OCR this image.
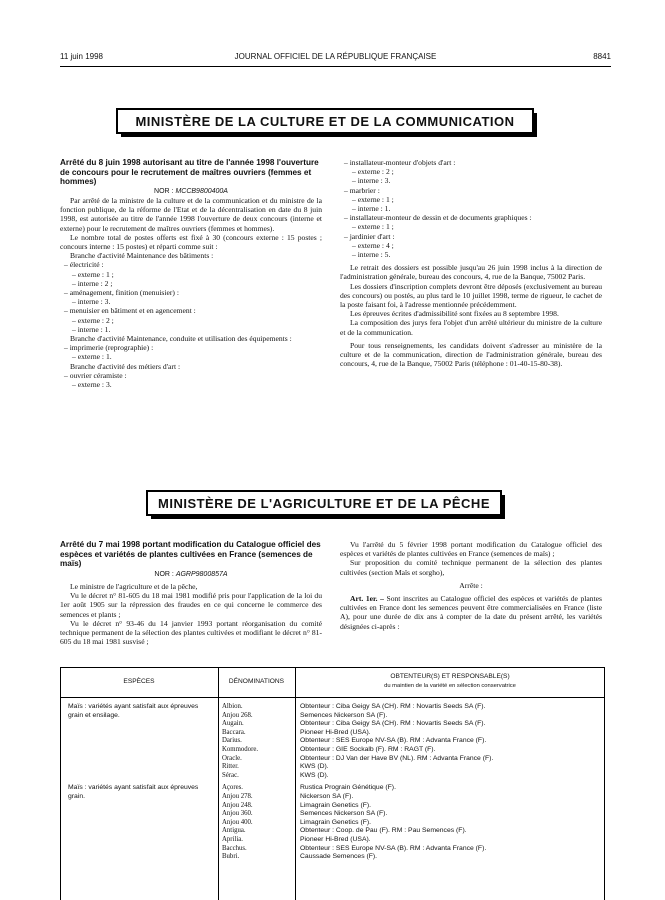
11 juin 1998	JOURNAL OFFICIEL DE LA RÉPUBLIQUE FRANÇAISE	8841
MINISTÈRE DE LA CULTURE ET DE LA COMMUNICATION

Arrêté du 8 juin 1998 autorisant au titre de l'année 1998 l'ouverture de concours pour le recrutement de maîtres ouvriers (femmes et hommes)

NOR : MCCB9800400A

Par arrêté de la ministre de la culture et de la communication et du ministre de la fonction publique, de la réforme de l'Etat et de la décentralisation en date du 8 juin 1998, est autorisée au titre de l'année 1998 l'ouverture de deux concours (interne et externe) pour le recrutement de maîtres ouvriers (femmes et hommes).

Le nombre total de postes offerts est fixé à 30 (concours externe : 15 postes ; concours interne : 15 postes) et réparti comme suit :

Branche d'activité Maintenance des bâtiments :

– électricité :

– externe : 1 ;

– interne : 2 ;

– aménagement, finition (menuisier) :

– interne : 3.

– menuisier en bâtiment et en agencement :

– externe : 2 ;

– interne : 1.

Branche d'activité Maintenance, conduite et utilisation des équipements :

– imprimerie (reprographie) :

– externe : 1.

Branche d'activité des métiers d'art :

– ouvrier céramiste :

– externe : 3.

– installateur-monteur d'objets d'art :

– externe : 2 ;

– interne : 3.

– marbrier :

– externe : 1 ;

– interne : 1.

– installateur-monteur de dessin et de documents graphiques :

– externe : 1 ;

– jardinier d'art :

– externe : 4 ;

– interne : 5.

Le retrait des dossiers est possible jusqu'au 26 juin 1998 inclus à la direction de l'administration générale, bureau des concours, 4, rue de la Banque, 75002 Paris.

Les dossiers d'inscription complets devront être déposés (exclusivement au bureau des concours) ou postés, au plus tard le 10 juillet 1998, terme de rigueur, le cachet de la poste faisant foi, à l'adresse mentionnée précédemment.

Les épreuves écrites d'admissibilité sont fixées au 8 septembre 1998.

La composition des jurys fera l'objet d'un arrêté ultérieur du ministre de la culture et de la communication.

Pour tous renseignements, les candidats doivent s'adresser au ministère de la culture et de la communication, direction de l'administration générale, bureau des concours, 4, rue de la Banque, 75002 Paris (téléphone : 01-40-15-80-38).

MINISTÈRE DE L'AGRICULTURE ET DE LA PÊCHE

Arrêté du 7 mai 1998 portant modification du Catalogue officiel des espèces et variétés de plantes cultivées en France (semences de maïs)

NOR : AGRP9800857A

Le ministre de l'agriculture et de la pêche,

Vu le décret n° 81-605 du 18 mai 1981 modifié pris pour l'application de la loi du 1er août 1905 sur la répression des fraudes en ce qui concerne le commerce des semences et plants ;

Vu le décret n° 93-46 du 14 janvier 1993 portant réorganisation du comité technique permanent de la sélection des plantes cultivées et modifiant le décret n° 81-605 du 18 mai 1981 susvisé ;

Vu l'arrêté du 5 février 1998 portant modification du Catalogue officiel des espèces et variétés de plantes cultivées en France (semences de maïs) ;

Sur proposition du comité technique permanent de la sélection des plantes cultivées (section Maïs et sorgho),

Arrête :

Art. 1er. – Sont inscrites au Catalogue officiel des espèces et variétés de plantes cultivées en France dont les semences peuvent être commercialisées en France (liste A), pour une durée de dix ans à compter de la date du présent arrêté, les variétés désignées ci-après :

ESPÈCES	DÉNOMINATIONS
OBTENTEUR(S) ET RESPONSABLE(S)
du maintien de la variété en sélection conservatrice
Maïs : variétés ayant satisfait aux épreuves	Albion.	Obtenteur : Ciba Geigy SA (CH). RM : Novartis Seeds SA (F).
grain et ensilage.	Anjou 268.	Semences Nickerson SA (F).
Augain.	Obtenteur : Ciba Geigy SA (CH). RM : Novartis Seeds SA (F).
Baccara.	Pioneer Hi-Bred (USA).
Darius.	Obtenteur : SES Europe NV-SA (B). RM : Advanta France (F).
Kommodore.	Obtenteur : GIE Sockalb (F). RM : RAGT (F).
Oracle.	Obtenteur : DJ Van der Have BV (NL). RM : Advanta France (F).
Ritter.	KWS (D).
Sérac.	KWS (D).
Maïs : variétés ayant satisfait aux épreuves	Açores.	Rustica Prograin Génétique (F).
grain.	Anjou 278.	Nickerson SA (F).
Anjou 248.	Limagrain Genetics (F).
Anjou 360.	Semences Nickerson SA (F).
Anjou 400.	Limagrain Genetics (F).
Antigua.	Obtenteur : Coop. de Pau (F). RM : Pau Semences (F).
Aprilia.	Pioneer Hi-Bred (USA).
Bacchus.	Obtenteur : SES Europe NV-SA (B). RM : Advanta France (F).
Bubri.	Caussade Semences (F).
